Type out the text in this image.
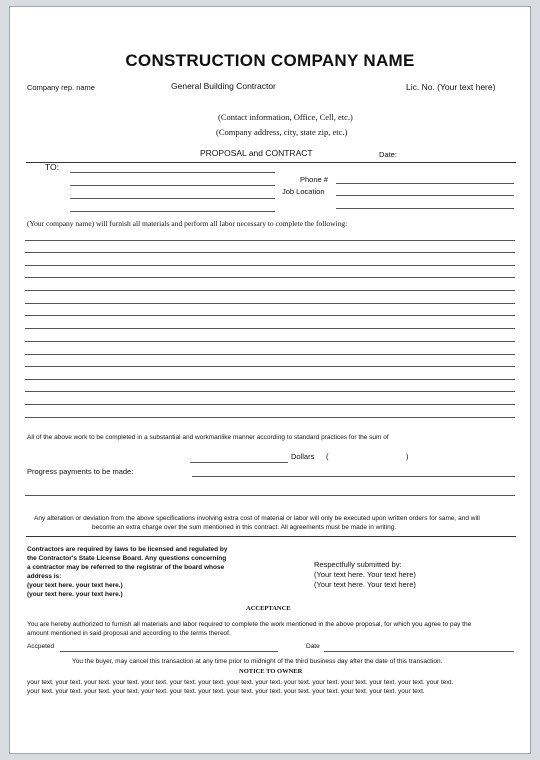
CONSTRUCTION COMPANY NAME
Company rep. name	General Building Contractor	Lic. No. (Your text here)
(Contact information, Office, Cell, etc.)
(Company address, city, state zip, etc.)
PROPOSAL and CONTRACT	Date:
TO:
Phone #
Job Location
(Your company name) will furnish all materials and perform all labor necessary to complete the following:
All of the above work to be completed in a substantial and workmanlike manner according to standard practices for the sum of
Dollars (	)
Progress payments to be made:
Any alteration or deviation from the above specifications involving extra cost of material or labor will only be executed upon written orders for same, and will
become an extra charge over the sum mentioned in this contract. All agreements must be made in writing.
Contractors are required by laws to be licensed and regulated by
the Contractor's State License Board. Any questions concerning
a contractor may be referred to the registrar of the board whose
address is:
(your text here. your text here.)
(your text here. your text here.)
Respectfully submitted by:
(Your text here. Your text here)
(Your text here. Your text here)
ACCEPTANCE
You are hereby authorized to furnish all materials and labor required to complete the work mentioned in the above proposal, for which you agree to pay the
amount mentioned in said proposal and according to the terms thereof.
Accpeted	Date
You the buyer, may cancel this transaction at any time prior to midnight of the third business day after the date of this transaction.
NOTICE TO OWNER
your text. your text. your text. your text. your text. your text. your text. your text. your text. your text. your text. your text. your text. your text. your text.
your text. your text. your text. your text. your text. your text. your text. your text. your text. your text. your text. your text. your text. your text.
